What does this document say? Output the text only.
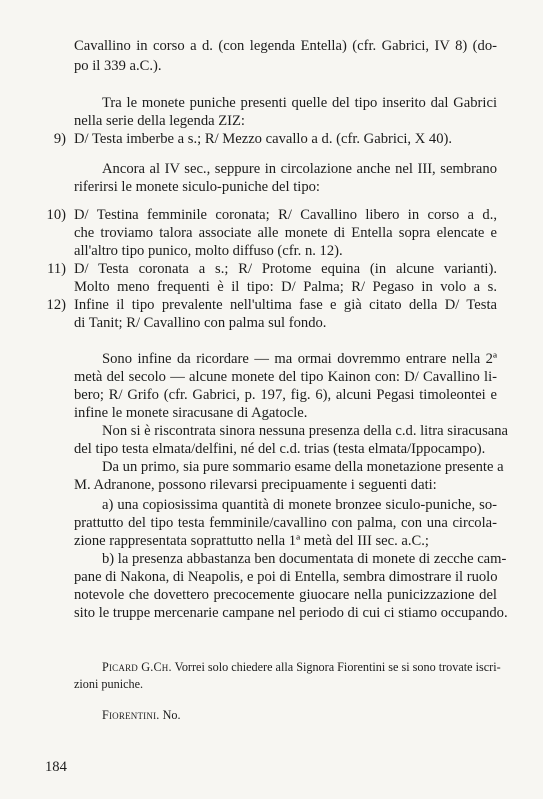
Cavallino in corso a d. (con legenda Entella) (cfr. Gabrici, IV 8) (do-
po il 339 a.C.).
Tra le monete puniche presenti quelle del tipo inserito dal Gabrici
nella serie della legenda ZIZ:
9) D/ Testa imberbe a s.; R/ Mezzo cavallo a d. (cfr. Gabrici, X 40).
Ancora al IV sec., seppure in circolazione anche nel III, sembrano
riferirsi le monete siculo-puniche del tipo:
10) D/ Testina femminile coronata; R/ Cavallino libero in corso a d.,
che troviamo talora associate alle monete di Entella sopra elencate e
all'altro tipo punico, molto diffuso (cfr. n. 12).
11) D/ Testa coronata a s.; R/ Protome equina (in alcune varianti).
Molto meno frequenti è il tipo: D/ Palma; R/ Pegaso in volo a s.
12) Infine il tipo prevalente nell'ultima fase e già citato della D/ Testa
di Tanit; R/ Cavallino con palma sul fondo.
Sono infine da ricordare — ma ormai dovremmo entrare nella 2ª
metà del secolo — alcune monete del tipo Kainon con: D/ Cavallino li-
bero; R/ Grifo (cfr. Gabrici, p. 197, fig. 6), alcuni Pegasi timoleontei e
infine le monete siracusane di Agatocle.
Non si è riscontrata sinora nessuna presenza della c.d. litra siracusana
del tipo testa elmata/delfini, né del c.d. trias (testa elmata/Ippocampo).
Da un primo, sia pure sommario esame della monetazione presente a
M. Adranone, possono rilevarsi precipuamente i seguenti dati:
a) una copiosissima quantità di monete bronzee siculo-puniche, so-
prattutto del tipo testa femminile/cavallino con palma, con una circola-
zione rappresentata soprattutto nella 1ª metà del III sec. a.C.;
b) la presenza abbastanza ben documentata di monete di zecche cam-
pane di Nakona, di Neapolis, e poi di Entella, sembra dimostrare il ruolo
notevole che dovettero precocemente giuocare nella punicizzazione del
sito le truppe mercenarie campane nel periodo di cui ci stiamo occupando.
Picard G.Ch. Vorrei solo chiedere alla Signora Fiorentini se si sono trovate iscri-
zioni puniche.
Fiorentini. No.
184
